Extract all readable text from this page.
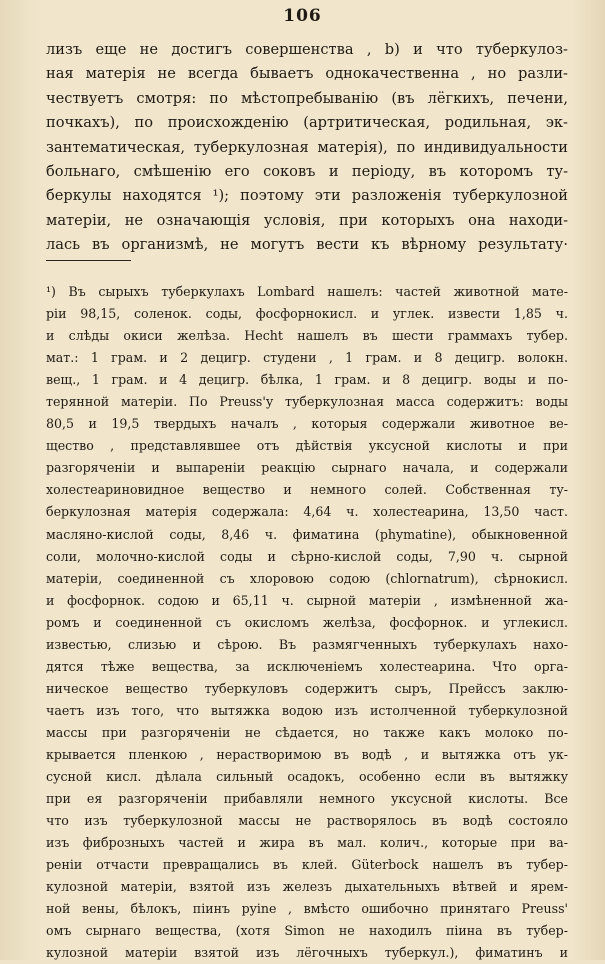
106
лизъ еще не достигъ совершенства , b) и что туберкулоз-
ная матерія не всегда бываетъ однокачественна , но разли-
чествуетъ смотря: по мѣстопребыванію (въ лёгкихъ, печени,
почкахъ), по происхожденію (артритическая, родильная, эк-
зантематическая, туберкулозная матерія), по индивидуальности
больнаго, смѣшенію его соковъ и періоду, въ которомъ ту-
беркулы находятся ¹); поэтому эти разложенія туберкулозной
матеріи, не означающія условія, при которыхъ она находи-
лась въ организмѣ, не могутъ вести къ вѣрному результату·
¹) Въ сырыхъ туберкулахъ Lombard нашелъ: частей животной мате-
ріи 98,15, соленок. соды, фосфорнокисл. и углек. извести 1,85 ч.
и слѣды окиси желѣза. Hecht нашелъ въ шести граммахъ тубер.
мат.: 1 грам. и 2 децигр. студени , 1 грам. и 8 децигр. волокн.
вещ., 1 грам. и 4 децигр. бѣлка, 1 грам. и 8 децигр. воды и по-
терянной матеріи. По Preuss'у туберкулозная масса содержитъ: воды
80,5 и 19,5 твердыхъ началъ , которыя содержали животное ве-
щество , представлявшее отъ дѣйствія уксусной кислоты и при
разгоряченіи и выпареніи реакцію сырнаго начала, и содержали
холестеариновидное вещество и немного солей. Собственная ту-
беркулозная матерія содержала: 4,64 ч. холестеарина, 13,50 част.
масляно-кислой соды, 8,46 ч. фиматина (phymatine), обыкновенной
соли, молочно-кислой соды и сѣрно-кислой соды, 7,90 ч. сырной
матеріи, соединенной съ хлоровою содою (chlornatrum), сѣрнокисл.
и фосфорнок. содою и 65,11 ч. сырной матеріи , измѣненной жа-
ромъ и соединенной съ окисломъ желѣза, фосфорнок. и углекисл.
известью, слизью и сѣрою. Въ размягченныхъ туберкулахъ нахо-
дятся тѣже вещества, за исключеніемъ холестеарина. Что орга-
ническое вещество туберкуловъ содержитъ сыръ, Прейссъ заклю-
чаетъ изъ того, что вытяжка водою изъ истолченной туберкулозной
массы при разгоряченіи не сѣдается, но также какъ молоко по-
крывается пленкою , нерастворимою въ водѣ , и вытяжка отъ ук-
сусной кисл. дѣлала сильный осадокъ, особенно если въ вытяжку
при ея разгоряченіи прибавляли немного уксусной кислоты. Все
что изъ туберкулозной массы не растворялось въ водѣ состояло
изъ фиброзныхъ частей и жира въ мал. колич., которые при ва-
реніи отчасти превращались въ клей. Güterbock нашелъ въ тубер-
кулозной матеріи, взятой изъ железъ дыхательныхъ вѣтвей и ярем-
ной вены, бѣлокъ, піинъ pyine , вмѣсто ошибочно принятаго Preuss'
омъ сырнаго вещества, (хотя Simon не находилъ піина въ тубер-
кулозной матеріи взятой изъ лёгочныхъ туберкул.), фиматинъ и
